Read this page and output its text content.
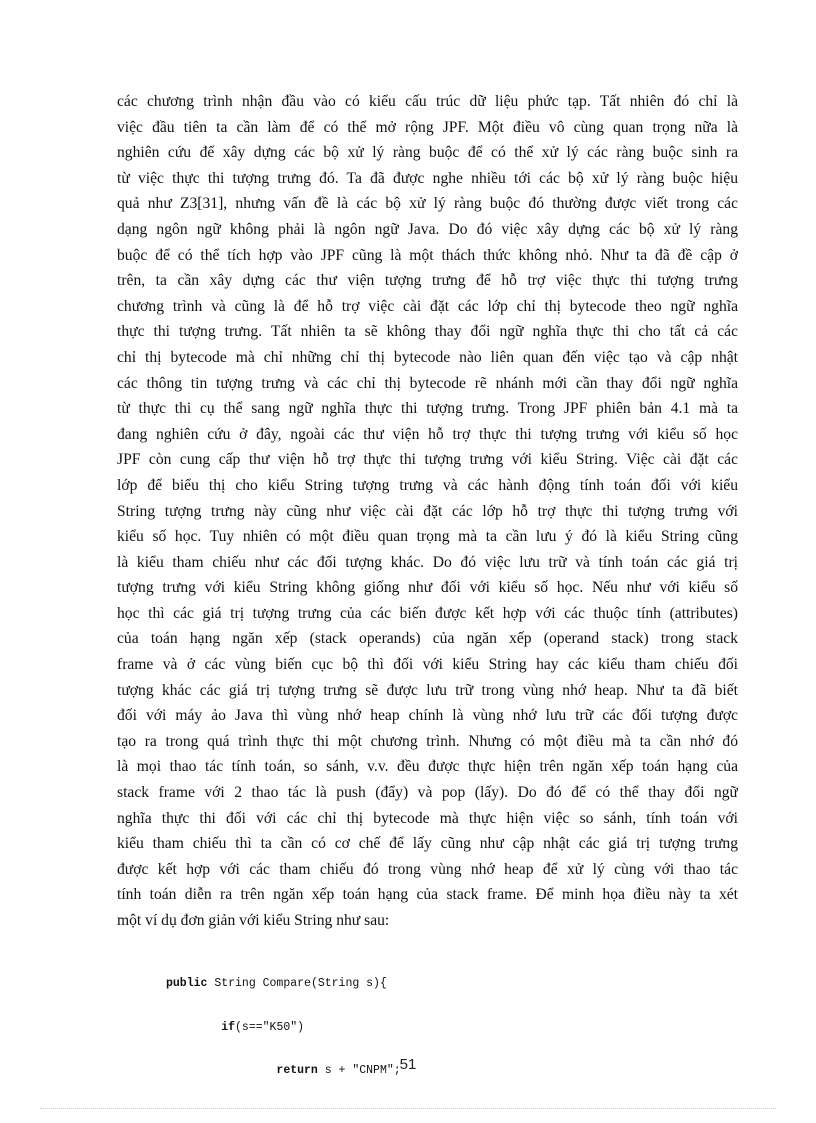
các chương trình nhận đầu vào có kiểu cấu trúc dữ liệu phức tạp. Tất nhiên đó chỉ là
việc đầu tiên ta cần làm để có thể mở rộng JPF. Một điều vô cùng quan trọng nữa là
nghiên cứu để xây dựng các bộ xử lý ràng buộc để có thể xử lý các ràng buộc sinh ra
từ việc thực thi tượng trưng đó. Ta đã được nghe nhiều tới các bộ xử lý ràng buộc hiệu
quả như Z3[31], nhưng vấn đề là các bộ xử lý ràng buộc đó thường được viết trong các
dạng ngôn ngữ không phải là ngôn ngữ Java. Do đó việc xây dựng các bộ xử lý ràng
buộc để có thể tích hợp vào JPF cũng là một thách thức không nhỏ. Như ta đã đề cập ở
trên, ta cần xây dựng các thư viện tượng trưng để hỗ trợ việc thực thi tượng trưng
chương trình và cũng là để hỗ trợ việc cài đặt các lớp chỉ thị bytecode theo ngữ nghĩa
thực thi tượng trưng. Tất nhiên ta sẽ không thay đổi ngữ nghĩa thực thi cho tất cả các
chỉ thị bytecode mà chỉ những chỉ thị bytecode nào liên quan đến việc tạo và cập nhật
các thông tin tượng trưng và các chỉ thị bytecode rẽ nhánh mới cần thay đổi ngữ nghĩa
từ thực thi cụ thể sang ngữ nghĩa thực thi tượng trưng. Trong JPF phiên bản 4.1 mà ta
đang nghiên cứu ở đây, ngoài các thư viện hỗ trợ thực thi tượng trưng với kiểu số học
JPF còn cung cấp thư viện hỗ trợ thực thi tượng trưng với kiểu String. Việc cài đặt các
lớp để biểu thị cho kiểu String tượng trưng và các hành động tính toán đối với kiểu
String tượng trưng này cũng như việc cài đặt các lớp hỗ trợ thực thi tượng trưng với
kiểu số học. Tuy nhiên có một điều quan trọng mà ta cần lưu ý đó là kiểu String cũng
là kiểu tham chiếu như các đối tượng khác. Do đó việc lưu trữ và tính toán các giá trị
tượng trưng với kiểu String không giống như đối với kiểu số học. Nếu như với kiểu số
học thì các giá trị tượng trưng của các biến được kết hợp với các thuộc tính (attributes)
của toán hạng ngăn xếp (stack operands) của ngăn xếp (operand stack) trong stack
frame và ở các vùng biến cục bộ thì đối với kiểu String hay các kiểu tham chiếu đối
tượng khác các giá trị tượng trưng sẽ được lưu trữ trong vùng nhớ heap. Như ta đã biết
đối với máy ảo Java thì vùng nhớ heap chính là vùng nhớ lưu trữ các đối tượng được
tạo ra trong quá trình thực thi một chương trình. Nhưng có một điều mà ta cần nhớ đó
là mọi thao tác tính toán, so sánh, v.v. đều được thực hiện trên ngăn xếp toán hạng của
stack frame với 2 thao tác là push (đẩy) và pop (lấy). Do đó để có thể thay đổi ngữ
nghĩa thực thi đối với các chỉ thị bytecode mà thực hiện việc so sánh, tính toán với
kiểu tham chiếu thì ta cần có cơ chế để lấy cũng như cập nhật các giá trị tượng trưng
được kết hợp với các tham chiếu đó trong vùng nhớ heap để xử lý cùng với thao tác
tính toán diễn ra trên ngăn xếp toán hạng của stack frame. Để minh họa điều này ta xét
một ví dụ đơn giản với kiểu String như sau:

public String Compare(String s){

if(s=="K50")

return s + "CNPM";

51
